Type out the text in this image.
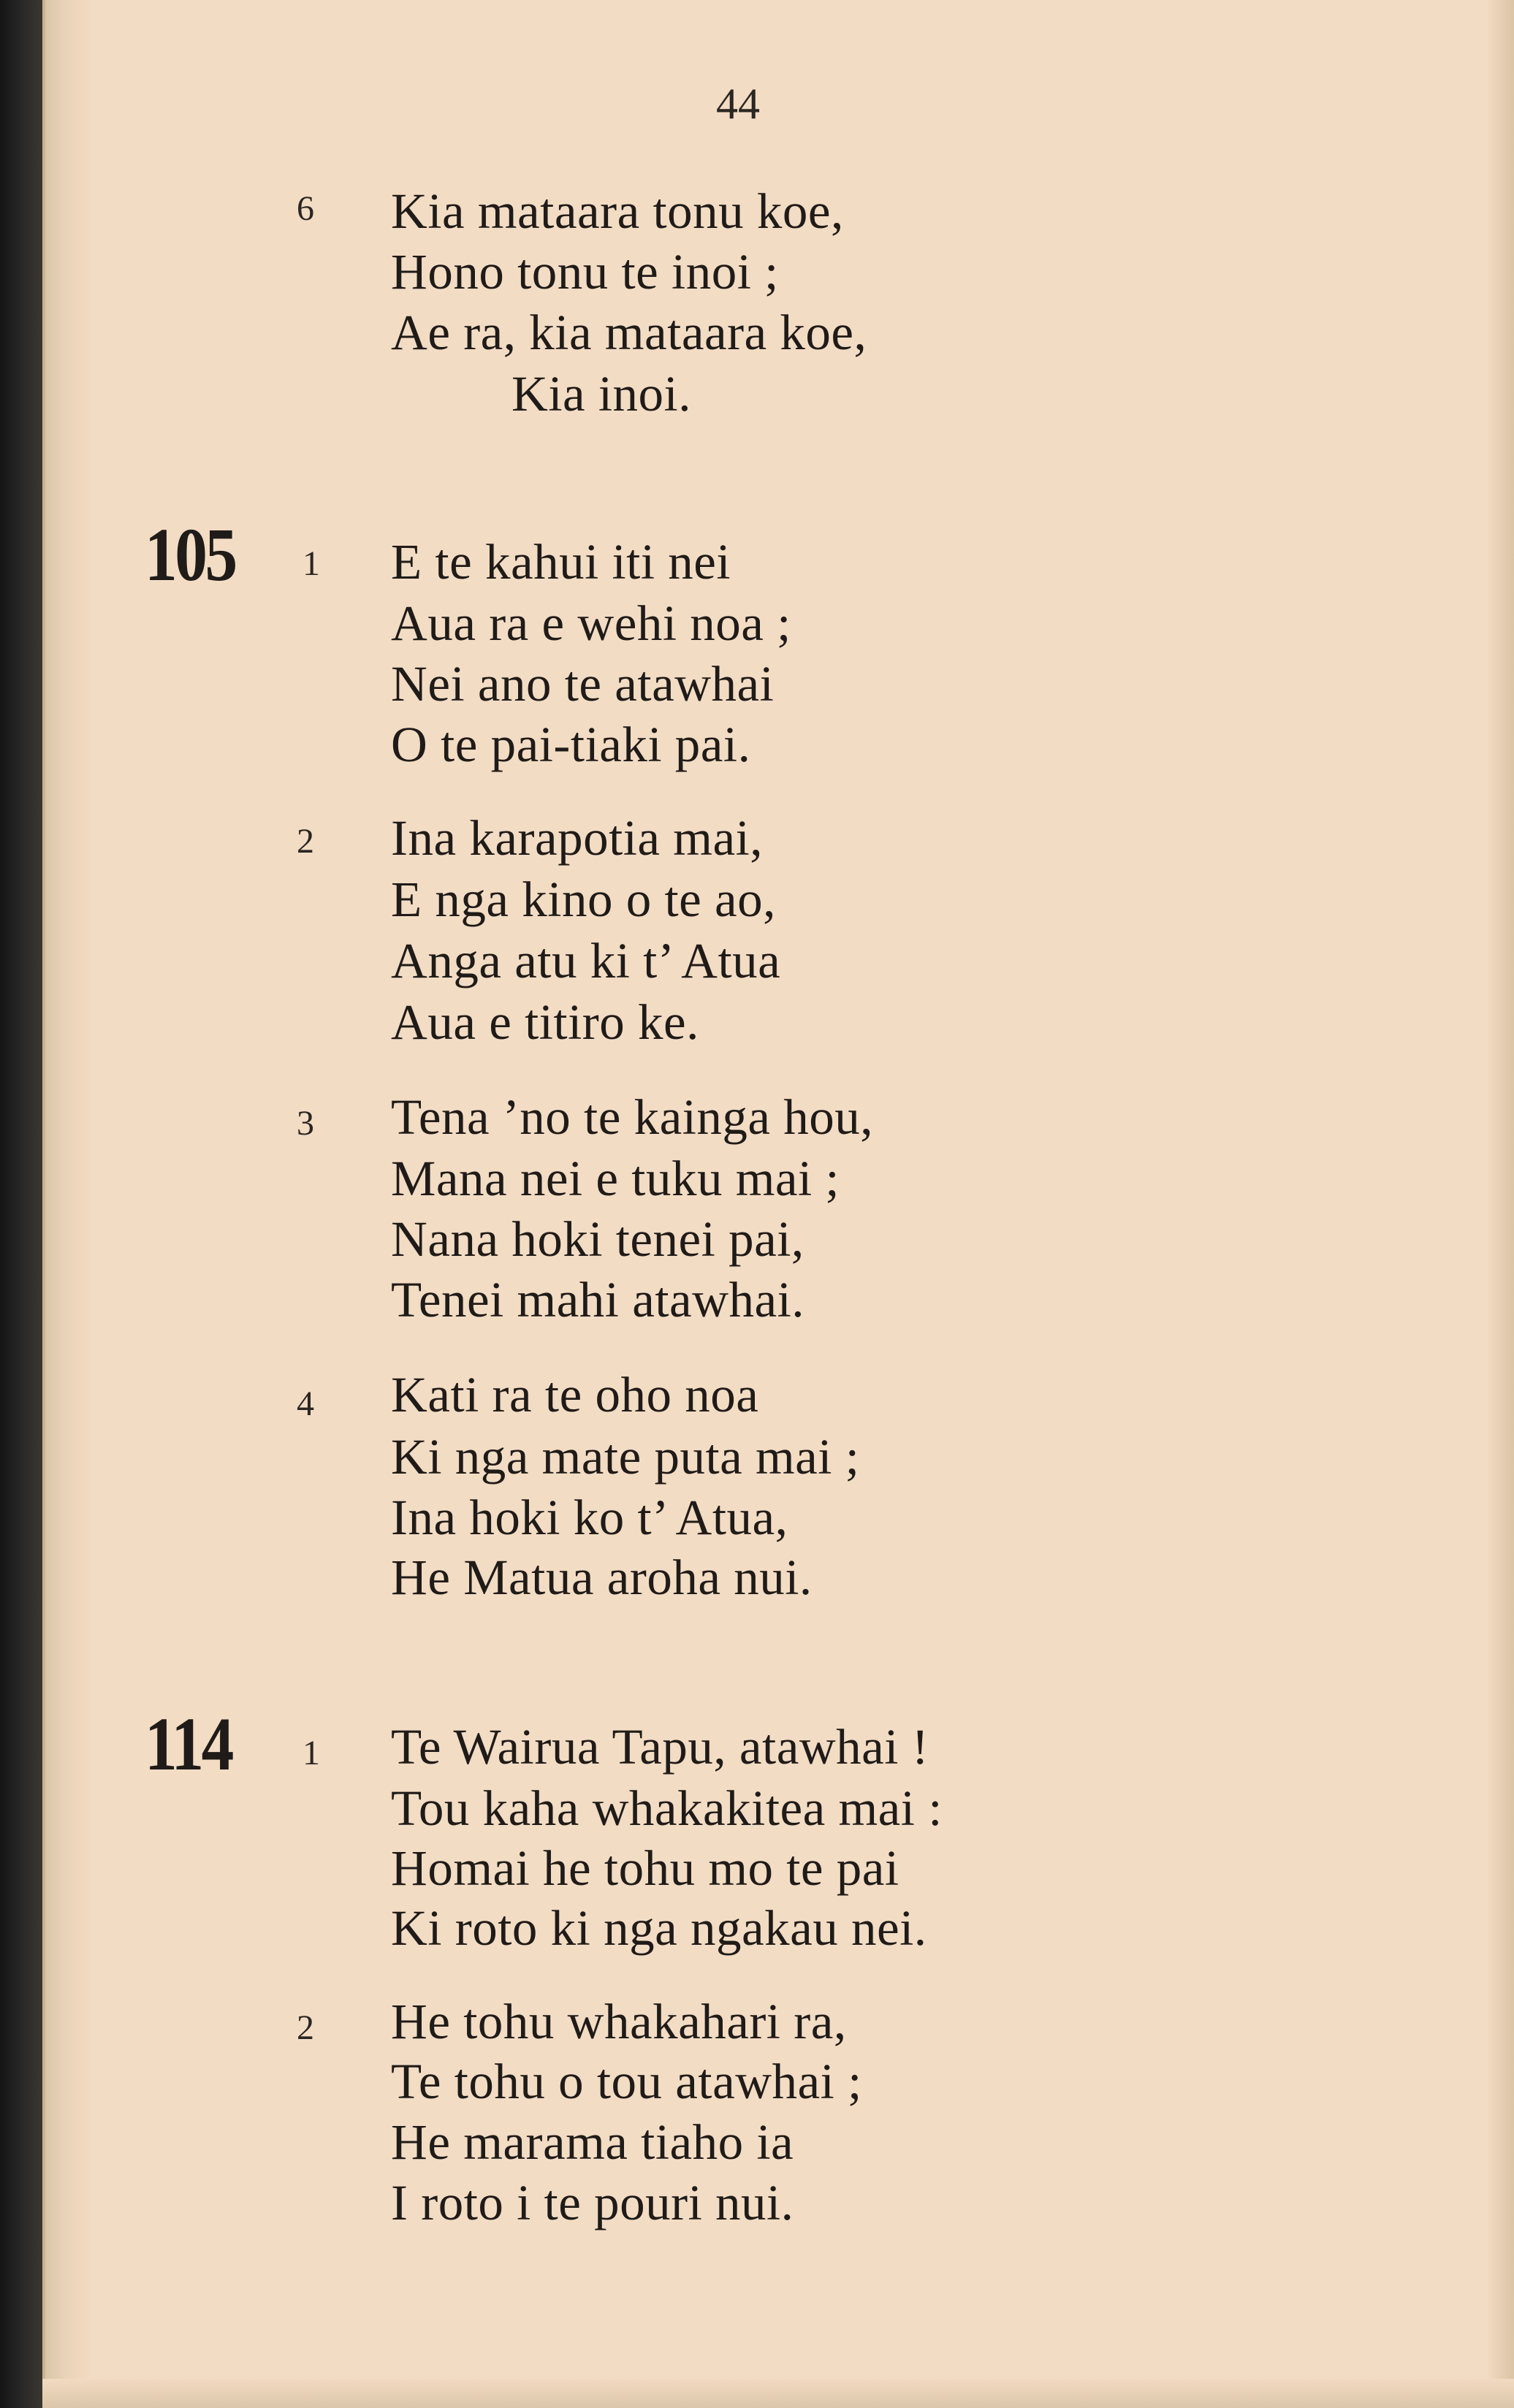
44
6 Kia mataara tonu koe,
Hono tonu te inoi ;
Ae ra, kia mataara koe,
Kia inoi.
105 1 E te kahui iti nei
Aua ra e wehi noa ;
Nei ano te atawhai
O te pai-tiaki pai.
2 Ina karapotia mai,
E nga kino o te ao,
Anga atu ki t’ Atua
Aua e titiro ke.
3 Tena ’no te kainga hou,
Mana nei e tuku mai ;
Nana hoki tenei pai,
Tenei mahi atawhai.
4 Kati ra te oho noa
Ki nga mate puta mai ;
Ina hoki ko t’ Atua,
He Matua aroha nui.
114 1 Te Wairua Tapu, atawhai !
Tou kaha whakakitea mai :
Homai he tohu mo te pai
Ki roto ki nga ngakau nei.
2 He tohu whakahari ra,
Te tohu o tou atawhai ;
He marama tiaho ia
I roto i te pouri nui.
